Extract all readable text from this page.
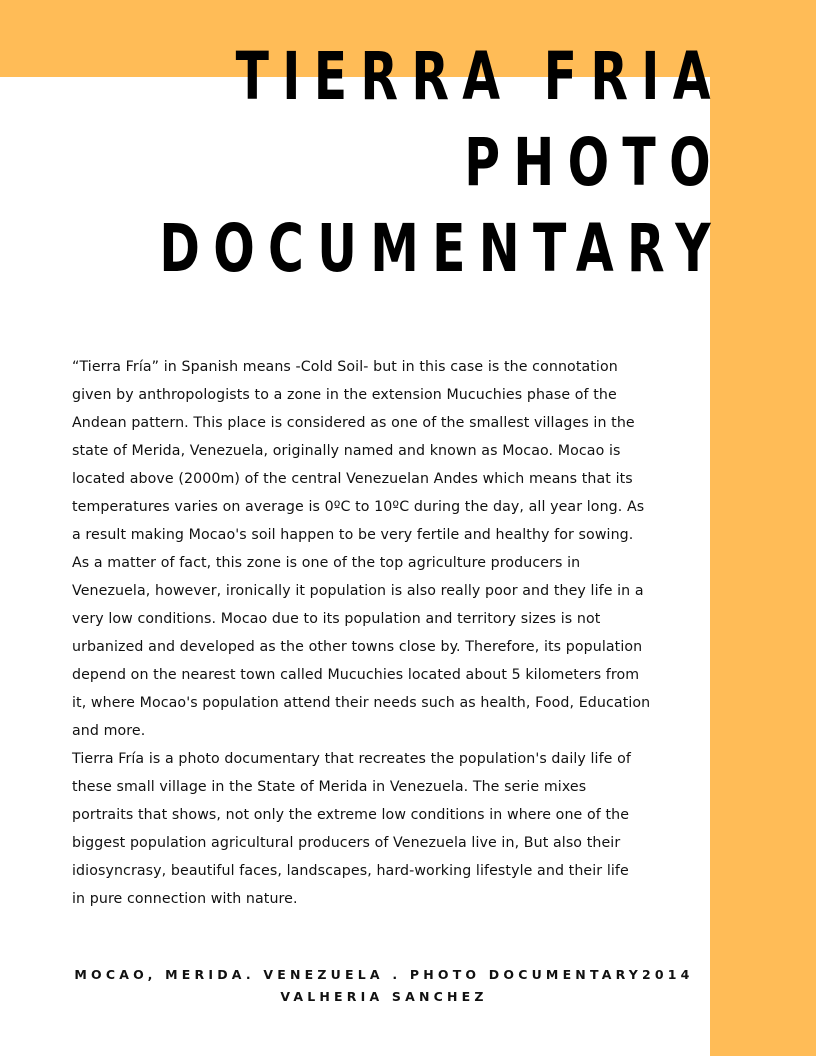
TIERRA FRIA
PHOTO
DOCUMENTARY

“Tierra Fría” in Spanish means -Cold Soil- but in this case is the connotation
given by anthropologists to a zone in the extension Mucuchies phase of the
Andean pattern. This place is considered as one of the smallest villages in the
state of Merida, Venezuela, originally named and known as Mocao. Mocao is
located above (2000m) of the central Venezuelan Andes which means that its
temperatures varies on average is 0ºC to 10ºC during the day, all year long. As
a result making Mocao's soil happen to be very fertile and healthy for sowing.
As a matter of fact, this zone is one of the top agriculture producers in
Venezuela, however, ironically it population is also really poor and they life in a
very low conditions. Mocao due to its population and territory sizes is not
urbanized and developed as the other towns close by. Therefore, its population
depend on the nearest town called Mucuchies located about 5 kilometers from
it, where Mocao's population attend their needs such as health, Food, Education
and more.

Tierra Fría is a photo documentary that recreates the population's daily life of
these small village in the State of Merida in Venezuela. The serie mixes
portraits that shows, not only the extreme low conditions in where one of the
biggest population agricultural producers of Venezuela live in, But also their
idiosyncrasy, beautiful faces, landscapes, hard-working lifestyle and their life
in pure connection with nature.

MOCAO, MERIDA. VENEZUELA . PHOTO DOCUMENTARY2014
VALHERIA SANCHEZ
